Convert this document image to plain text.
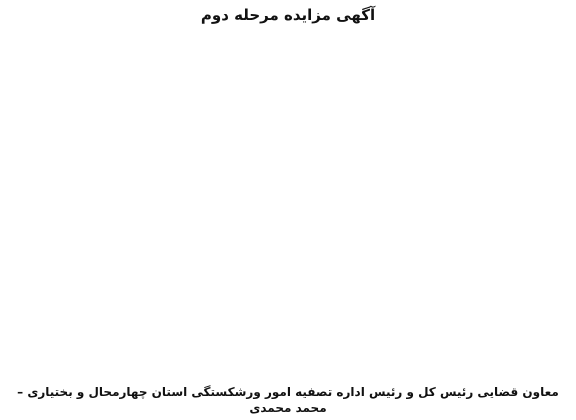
آگهی مزایده مرحله دوم
معاون قضایی رئیس کل و رئیس اداره تصفیه امور ورشکستگی استان چهارمحال و بختیاری – محمد محمدی
